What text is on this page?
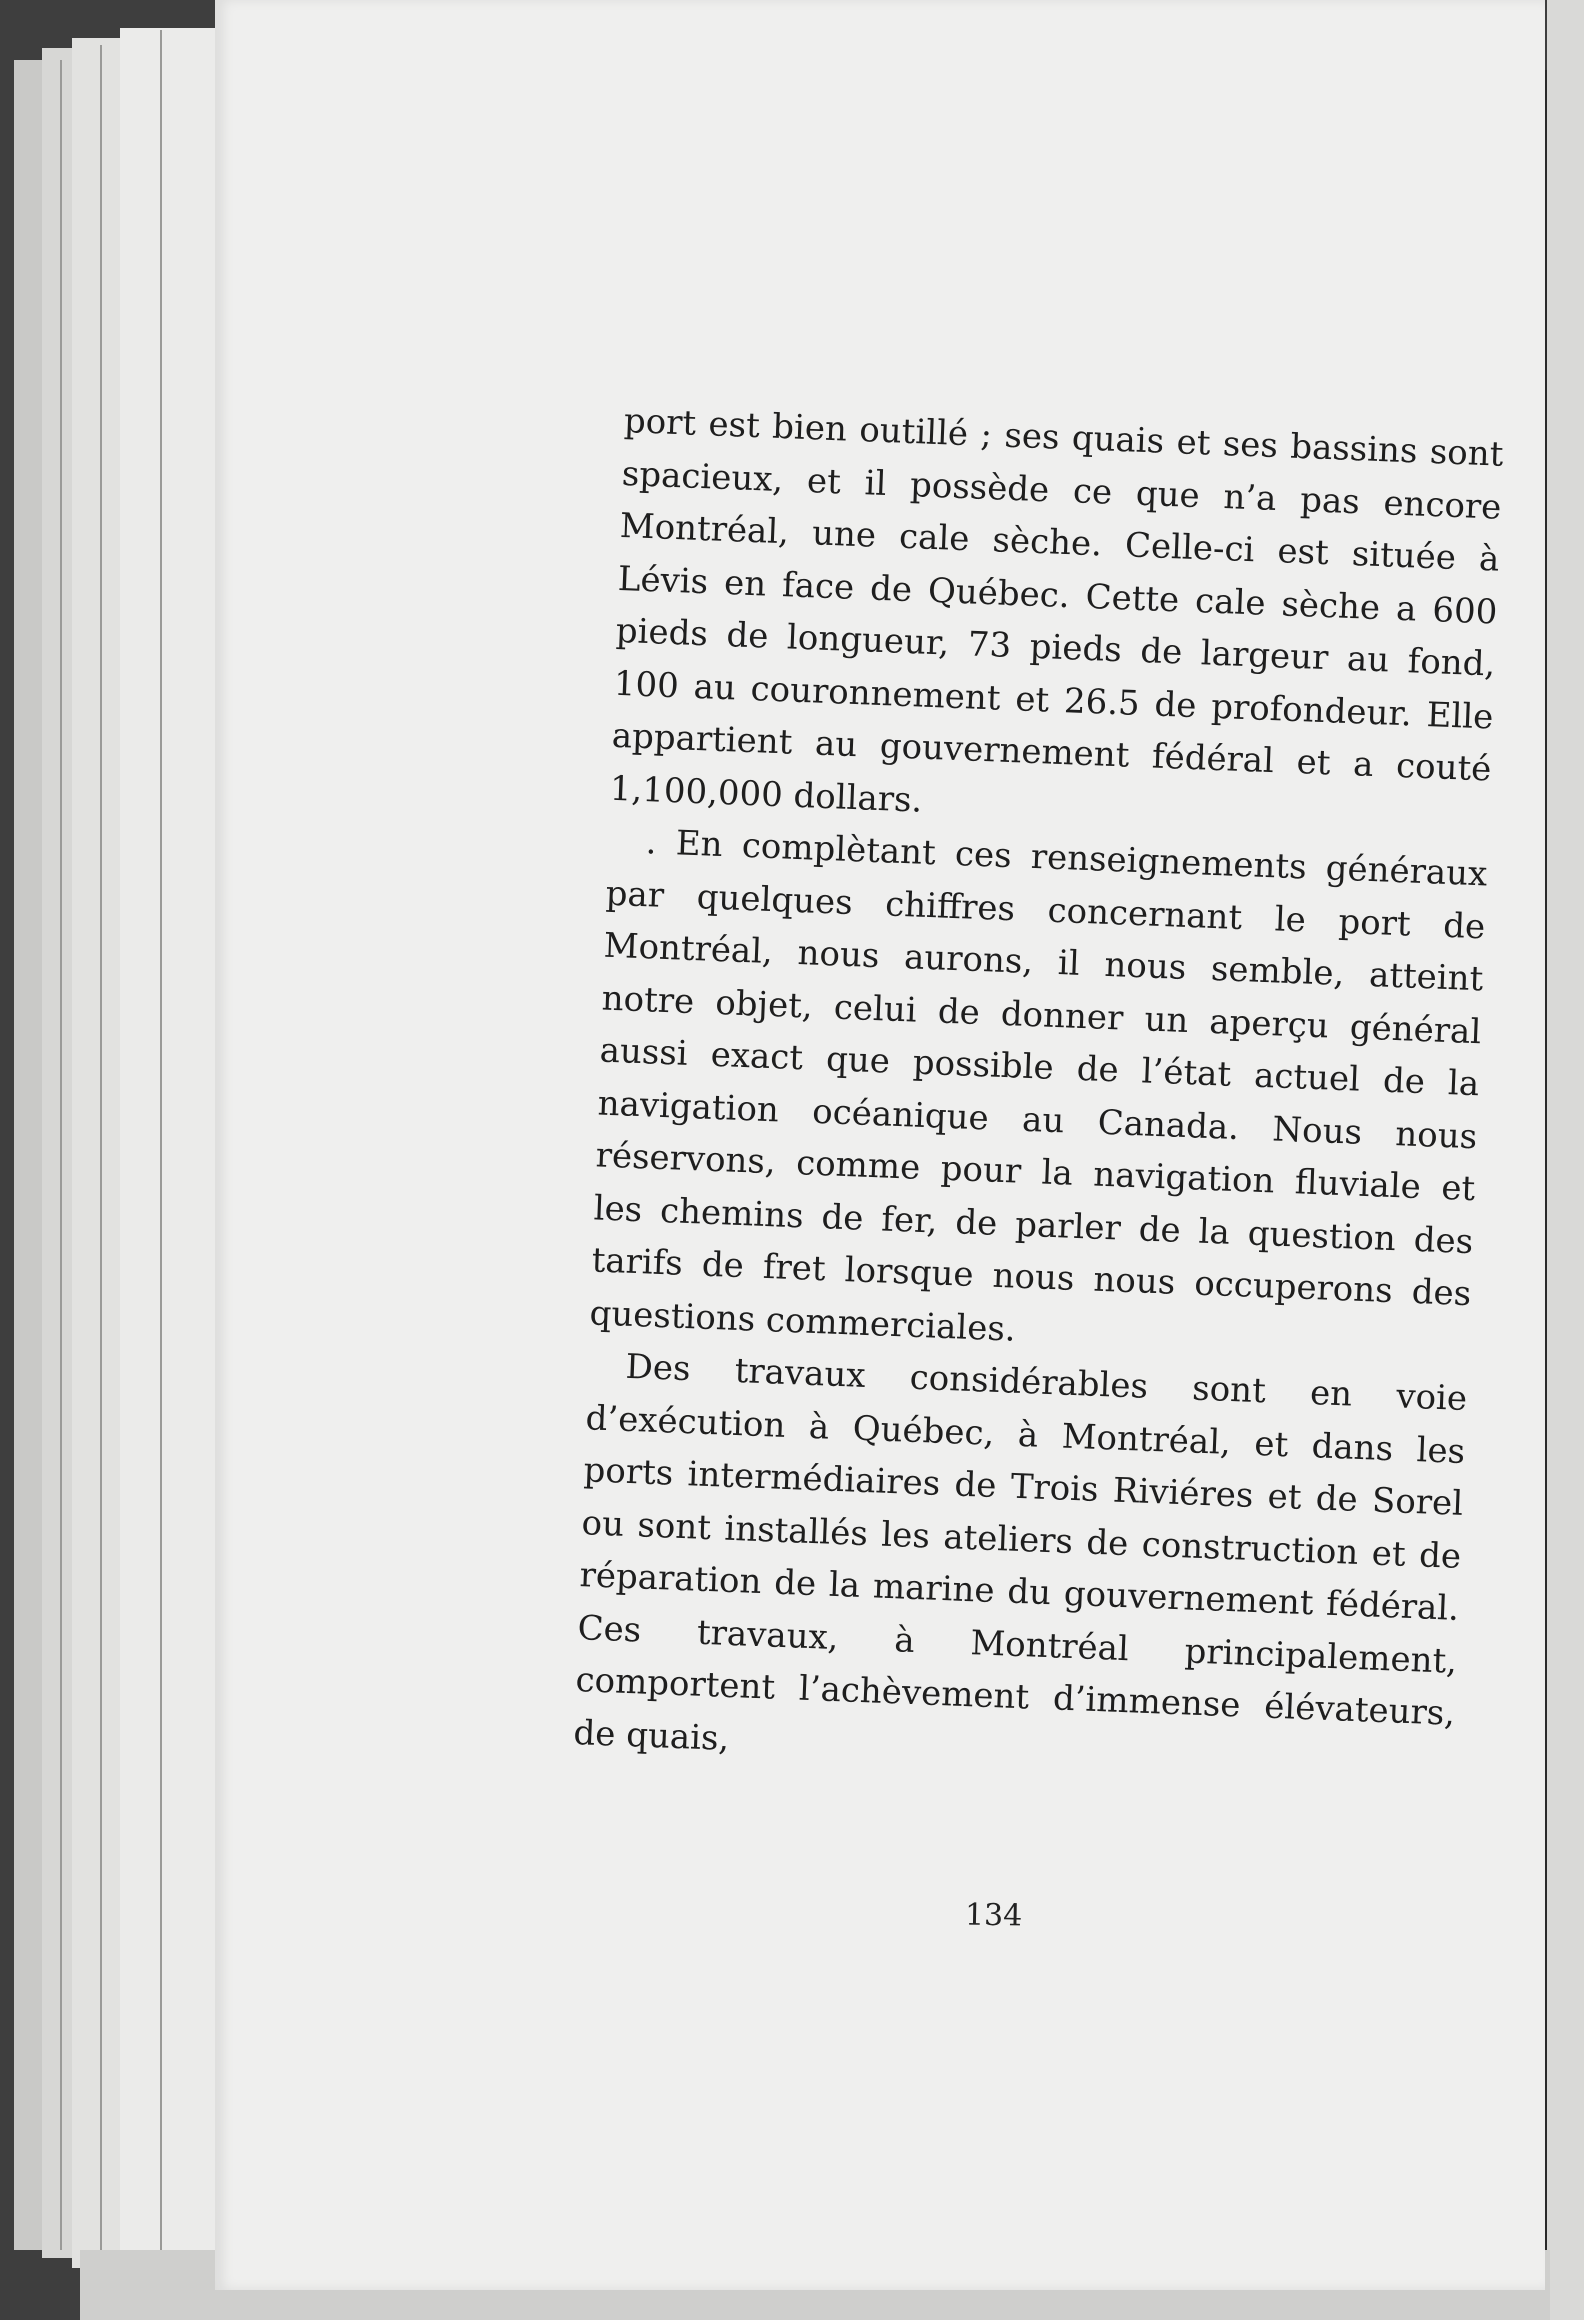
port est bien outillé ; ses quais et ses bassins sont spacieux, et il possède ce que n’a pas encore Montréal, une cale sèche. Celle-ci est située à Lévis en face de Québec. Cette cale sèche a 600 pieds de longueur, 73 pieds de largeur au fond, 100 au couronnement et 26.5 de profondeur. Elle appartient au gouvernement fédéral et a couté 1,100,000 dollars.

. En complètant ces renseignements généraux par quelques chiffres concernant le port de Montréal, nous aurons, il nous semble, atteint notre objet, celui de donner un aperçu général aussi exact que possible de l’état actuel de la navigation océanique au Canada. Nous nous réservons, comme pour la navigation fluviale et les chemins de fer, de parler de la question des tarifs de fret lorsque nous nous occuperons des questions commerciales.

Des travaux considérables sont en voie d’exécution à Québec, à Montréal, et dans les ports intermédiaires de Trois Riviéres et de Sorel ou sont installés les ateliers de construction et de réparation de la marine du gouvernement fédéral. Ces travaux, à Montréal principalement, comportent l’achèvement d’immense élévateurs, de quais,

134
